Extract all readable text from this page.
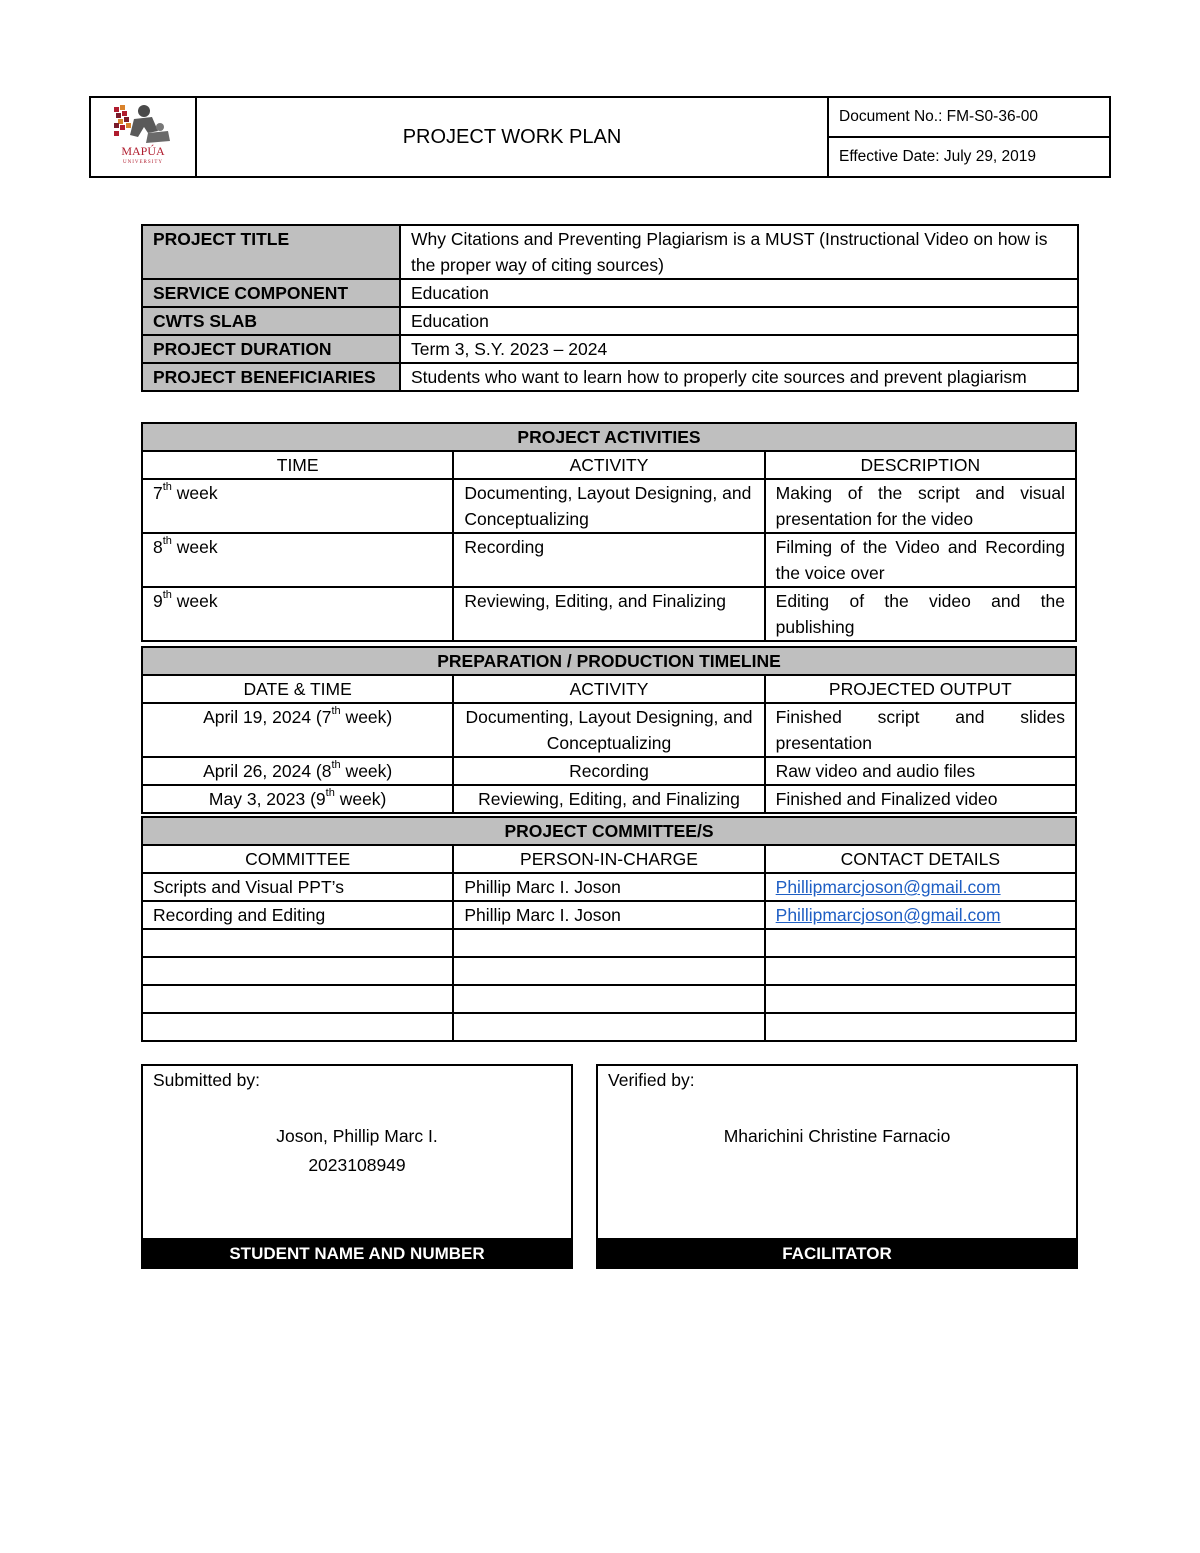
MAPÚA
UNIVERSITY
	PROJECT WORK PLAN	Document No.: FM-S0-36-00
Effective Date: July 29, 2019
PROJECT TITLE	Why Citations and Preventing Plagiarism is a MUST (Instructional Video on how is the proper way of citing sources)
SERVICE COMPONENT	Education
CWTS SLAB	Education
PROJECT DURATION	Term 3, S.Y. 2023 – 2024
PROJECT BENEFICIARIES	Students who want to learn how to properly cite sources and prevent plagiarism
PROJECT ACTIVITIES		
TIME	ACTIVITY	DESCRIPTION
7th week	Documenting, Layout Designing, and Conceptualizing	Making of the script and visual presentation for the video
8th week	Recording	Filming of the Video and Recording the voice over
9th week	Reviewing, Editing, and Finalizing	Editing of the video and the publishing
PREPARATION / PRODUCTION TIMELINE		
DATE & TIME	ACTIVITY	PROJECTED OUTPUT
April 19, 2024 (7th week)	Documenting, Layout Designing, and Conceptualizing	Finished script and slides presentation
April 26, 2024 (8th week)	Recording	Raw video and audio files
May 3, 2023 (9th week)	Reviewing, Editing, and Finalizing	Finished and Finalized video
PROJECT COMMITTEE/S		
COMMITTEE	PERSON-IN-CHARGE	CONTACT DETAILS
Scripts and Visual PPT’s	Phillip Marc I. Joson	Phillipmarcjoson@gmail.com
Recording and Editing	Phillip Marc I. Joson	Phillipmarcjoson@gmail.com

Submitted by:
Joson, Phillip Marc I.
2023108949
STUDENT NAME AND NUMBER
Verified by:
Mharichini Christine Farnacio
FACILITATOR
